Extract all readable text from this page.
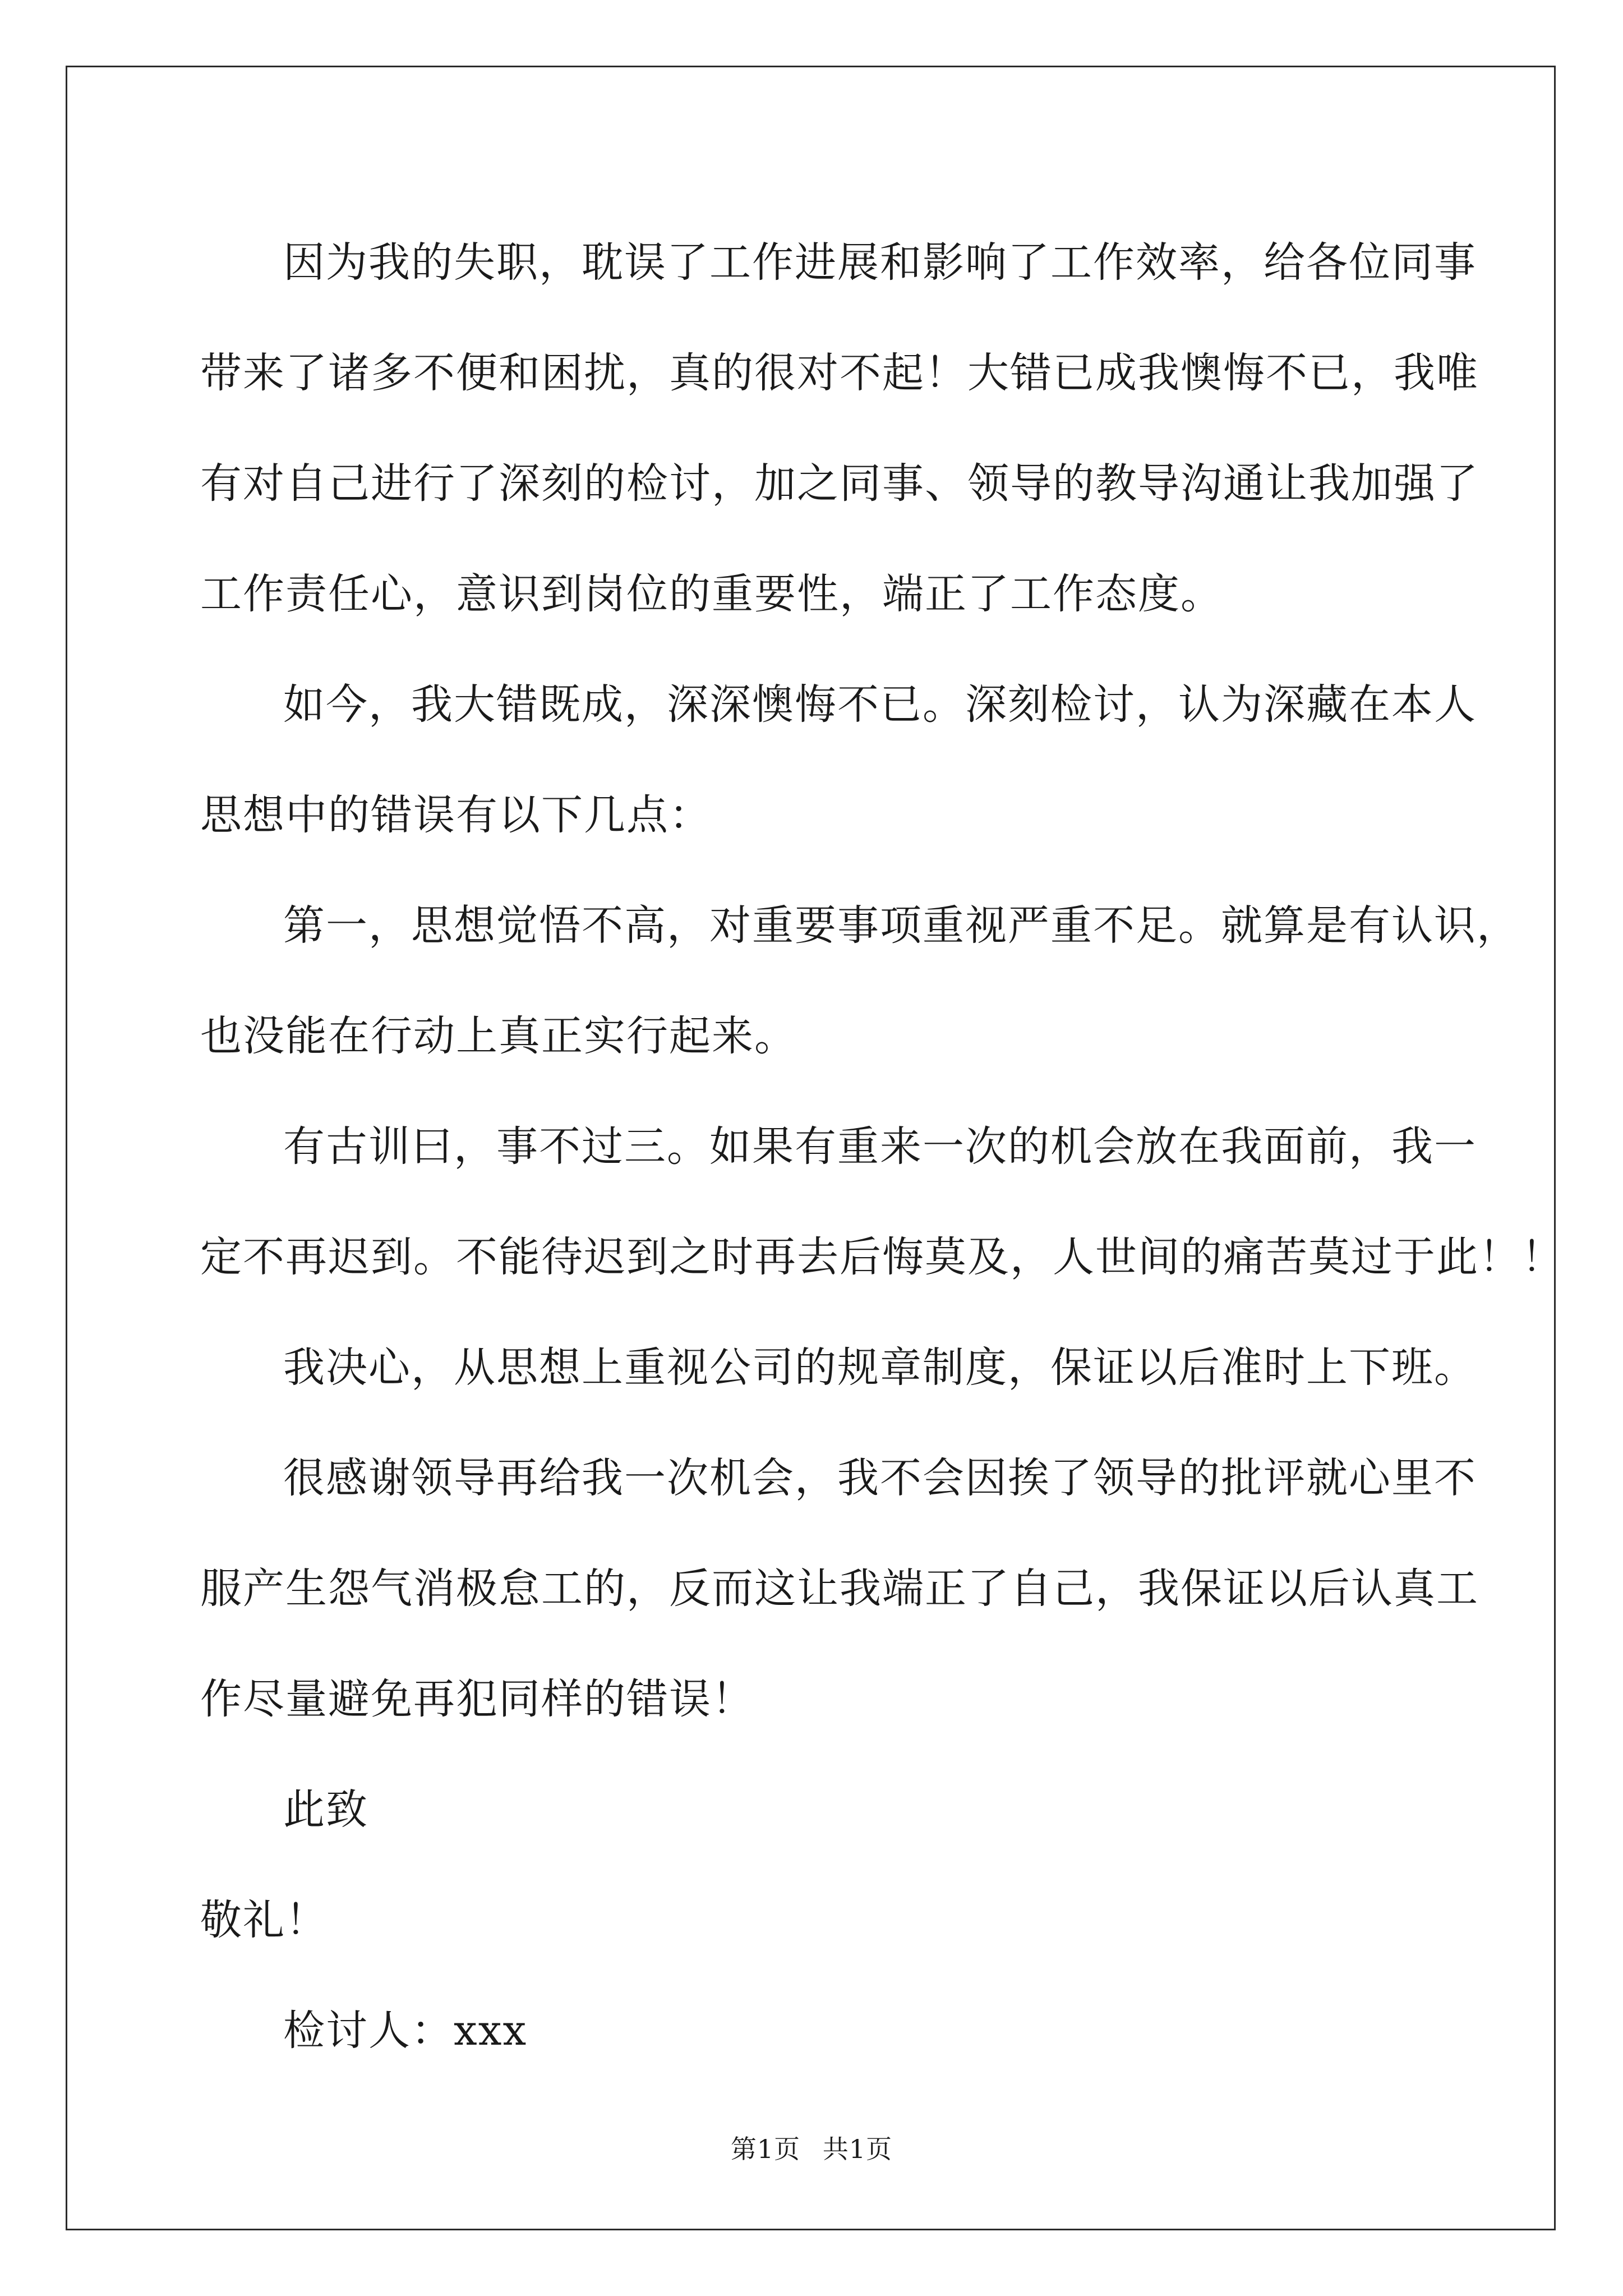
因为我的失职，耽误了工作进展和影响了工作效率，给各位同事

带来了诸多不便和困扰，真的很对不起！大错已成我懊悔不已，我唯

有对自己进行了深刻的检讨，加之同事、领导的教导沟通让我加强了

工作责任心，意识到岗位的重要性，端正了工作态度。

如今，我大错既成，深深懊悔不已。深刻检讨，认为深藏在本人

思想中的错误有以下几点：

第一，思想觉悟不高，对重要事项重视严重不足。就算是有认识，

也没能在行动上真正实行起来。

有古训曰，事不过三。如果有重来一次的机会放在我面前，我一

定不再迟到。不能待迟到之时再去后悔莫及，人世间的痛苦莫过于此！！

我决心，从思想上重视公司的规章制度，保证以后准时上下班。

很感谢领导再给我一次机会，我不会因挨了领导的批评就心里不

服产生怨气消极怠工的，反而这让我端正了自己，我保证以后认真工

作尽量避免再犯同样的错误！

此致

敬礼！

检讨人：xxx

第1页 共1页
